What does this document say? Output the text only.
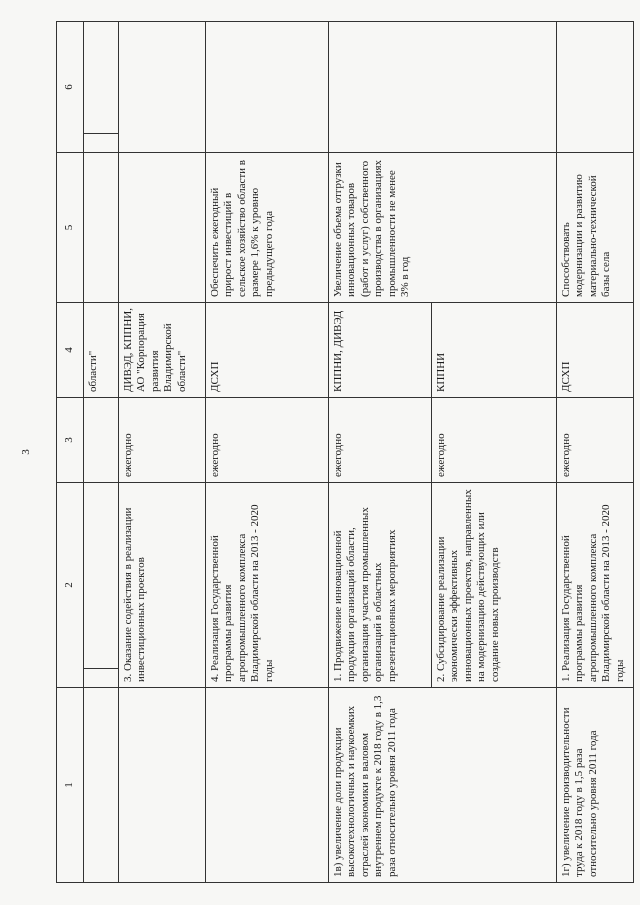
3
1	2	3	4	5	6

		области"		

	3. Оказание содействия в реализации инвестиционных проектов	ежегодно	ДИВЭД, КППНИ, АО "Корпорация развития Владимирской области"		
	4. Реализация Государственной программы развития агропромышленного комплекса Владимирской области на 2013 - 2020 годы	ежегодно	ДСХП	Обеспечить ежегодный прирост инвестиций в сельское хозяйство области в размере 1,6% к уровню предыдущего года	
1в) увеличение доли продукции высокотехнологичных и наукоемких отраслей экономики в валовом внутреннем продукте к 2018 году в 1,3 раза относительно уровня 2011 года	1. Продвижение инновационной продукции организаций области, организация участия промышленных организаций в областных презентационных мероприятиях	ежегодно	КППНИ, ДИВЭД	Увеличение объема отгрузки инновационных товаров (работ и услуг) собственного производства в организациях промышленности не менее 3% в год	
	2. Субсидирование реализации экономически эффективных инновационных проектов, направленных на модернизацию действующих или создание новых производств	ежегодно	КППНИ		
1г) увеличение производительности труда к 2018 году в 1,5 раза относительно уровня 2011 года	1. Реализация Государственной программы развития агропромышленного комплекса Владимирской области на 2013 - 2020 годы	ежегодно	ДСХП	Способствовать модернизации и развитию материально-технической базы села	
